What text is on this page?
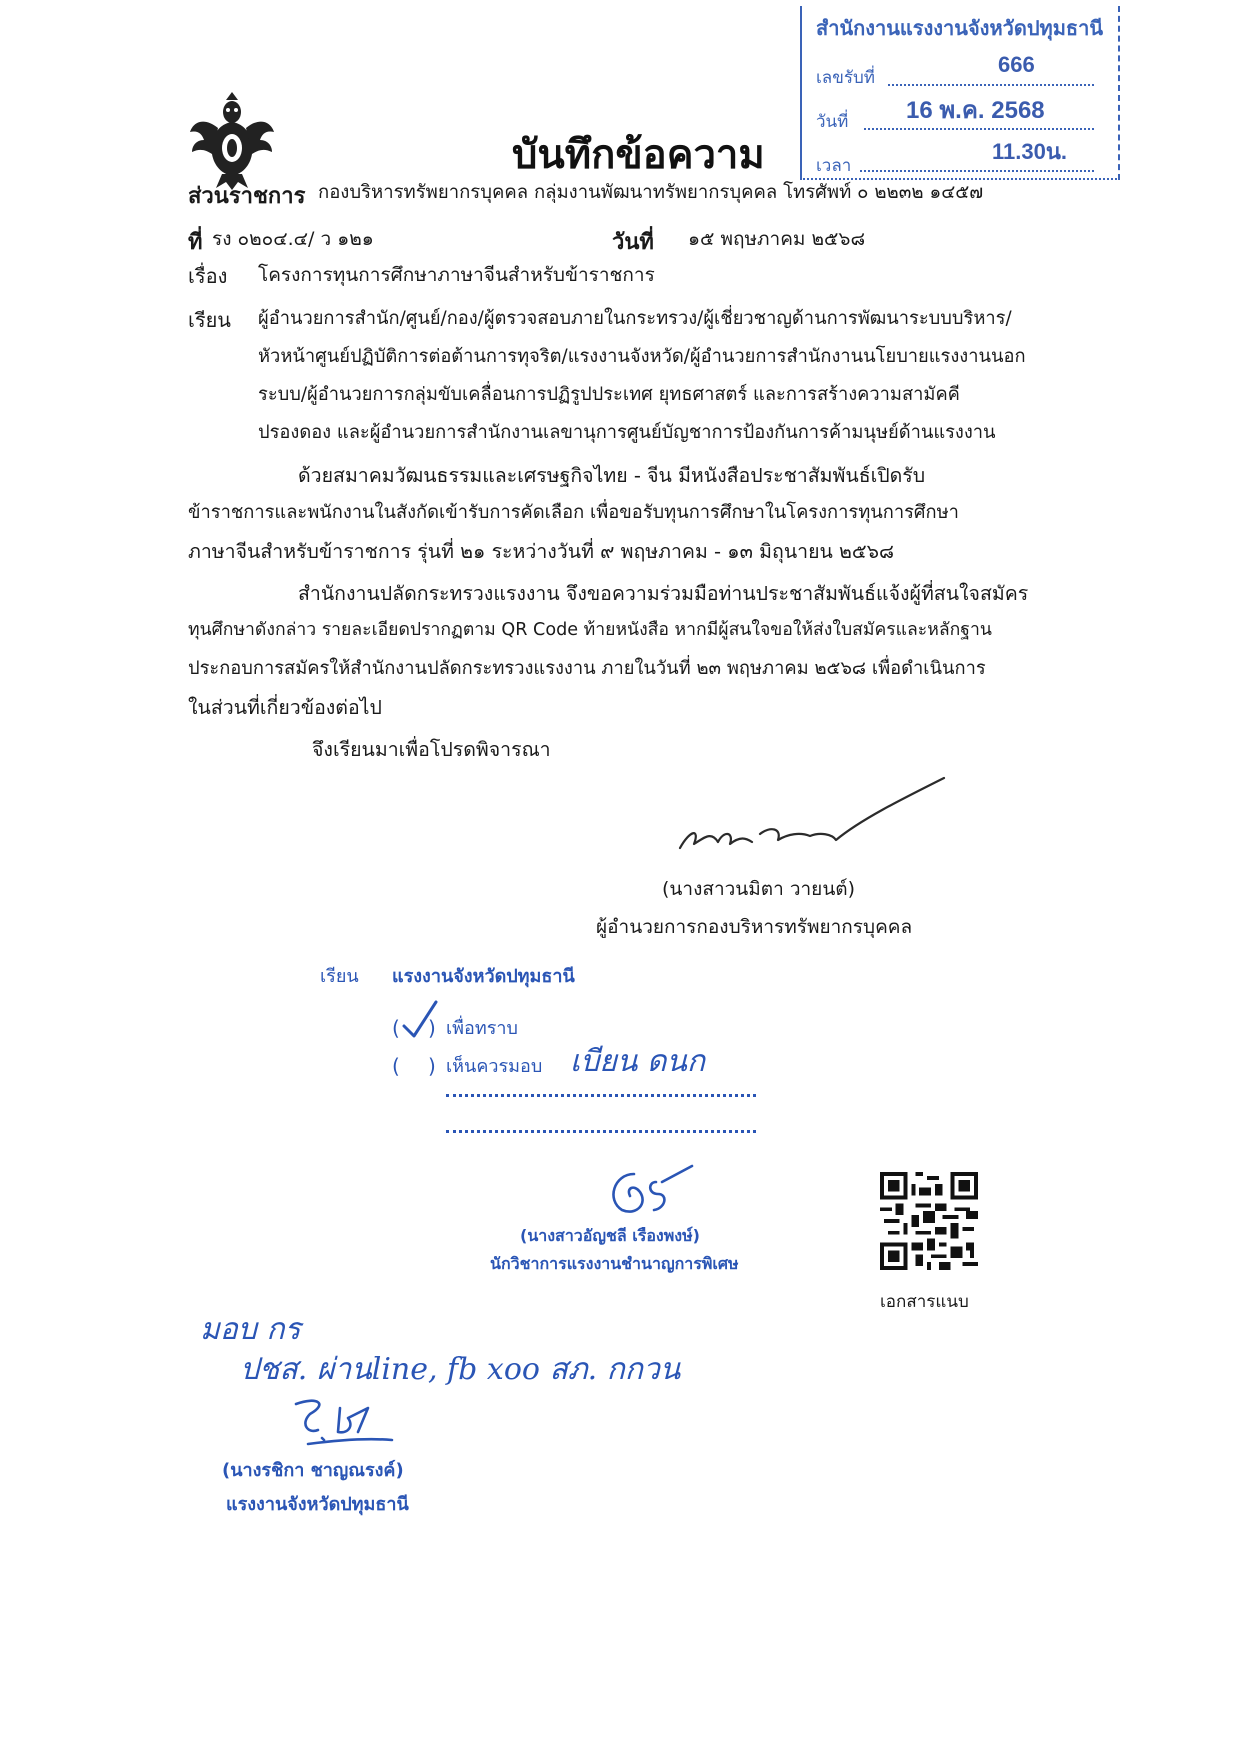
บันทึกข้อความ
สำนักงานแรงงานจังหวัดปทุมธานี
เลขรับที่
666
วันที่ 16 พ.ค. 2568
เวลา
11.30น.
ส่วนราชการ กองบริหารทรัพยากรบุคคล กลุ่มงานพัฒนาทรัพยากรบุคคล โทรศัพท์ ๐ ๒๒๓๒ ๑๔๕๗
ที่ รง ๐๒๐๔.๔/ ว ๑๒๑	วันที่ ๑๕ พฤษภาคม ๒๕๖๘
เรื่อง โครงการทุนการศึกษาภาษาจีนสำหรับข้าราชการ
เรียน ผู้อำนวยการสำนัก/ศูนย์/กอง/ผู้ตรวจสอบภายในกระทรวง/ผู้เชี่ยวชาญด้านการพัฒนาระบบบริหาร/
หัวหน้าศูนย์ปฏิบัติการต่อต้านการทุจริต/แรงงานจังหวัด/ผู้อำนวยการสำนักงานนโยบายแรงงานนอก
ระบบ/ผู้อำนวยการกลุ่มขับเคลื่อนการปฏิรูปประเทศ ยุทธศาสตร์ และการสร้างความสามัคคี
ปรองดอง และผู้อำนวยการสำนักงานเลขานุการศูนย์บัญชาการป้องกันการค้ามนุษย์ด้านแรงงาน
ด้วยสมาคมวัฒนธรรมและเศรษฐกิจไทย - จีน มีหนังสือประชาสัมพันธ์เปิดรับ
ข้าราชการและพนักงานในสังกัดเข้ารับการคัดเลือก เพื่อขอรับทุนการศึกษาในโครงการทุนการศึกษา
ภาษาจีนสำหรับข้าราชการ รุ่นที่ ๒๑ ระหว่างวันที่ ๙ พฤษภาคม - ๑๓ มิถุนายน ๒๕๖๘
สำนักงานปลัดกระทรวงแรงงาน จึงขอความร่วมมือท่านประชาสัมพันธ์แจ้งผู้ที่สนใจสมัคร
ทุนศึกษาดังกล่าว รายละเอียดปรากฏตาม QR Code ท้ายหนังสือ หากมีผู้สนใจขอให้ส่งใบสมัครและหลักฐาน
ประกอบการสมัครให้สำนักงานปลัดกระทรวงแรงงาน ภายในวันที่ ๒๓ พฤษภาคม ๒๕๖๘ เพื่อดำเนินการ
ในส่วนที่เกี่ยวข้องต่อไป
จึงเรียนมาเพื่อโปรดพิจารณา
(นางสาวนมิตา วายนต์)
ผู้อำนวยการกองบริหารทรัพยากรบุคคล
เรียน แรงงานจังหวัดปทุมธานี
( ) เพื่อทราบ
( ) เห็นควรมอบ เบียน ดนก
(นางสาวอัญชลี เรืองพงษ์)
นักวิชาการแรงงานชำนาญการพิเศษ
เอกสารแนบ
มอบ กร
ปชส. ผ่านline, fb xoo สภ. กกวน
(นางรชิกา ชาญณรงค์)
แรงงานจังหวัดปทุมธานี
